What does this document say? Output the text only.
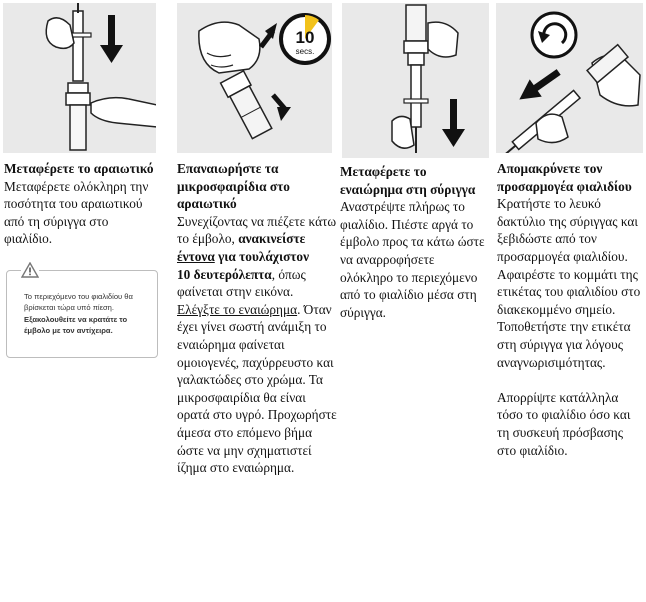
Μεταφέρετε το αραιωτικό

Μεταφέρετε ολόκληρη την ποσότητα του αραιωτικού από τη σύριγγα στο φιαλίδιο.

Το περιεχόμενο του φιαλιδίου θα βρίσκεται τώρα υπό πίεση.
Εξακολουθείτε να κρατάτε το έμβολο με τον αντίχειρα.
10
secs.

Επαναιωρήστε τα μικροσφαιρίδια στο αραιωτικό

Συνεχίζοντας να πιέζετε κάτω το έμβολο, ανακινείστε
έντονα για τουλάχιστον
10 δευτερόλεπτα, όπως φαίνεται στην εικόνα.

Ελέγξτε το εναιώρημα. Όταν έχει γίνει σωστή ανάμιξη το εναιώρημα φαίνεται ομοιογενές, παχύρρευστο και γαλακτώδες στο χρώμα. Τα μικροσφαιρίδια θα είναι ορατά στο υγρό. Προχωρήστε άμεσα στο επόμενο βήμα ώστε να μην σχηματιστεί ίζημα στο εναιώρημα.

Μεταφέρετε το εναιώρημα στη σύριγγα

Αναστρέψτε πλήρως το φιαλίδιο. Πιέστε αργά το έμβολο προς τα κάτω ώστε να αναρροφήσετε ολόκληρο το περιεχόμενο από το φιαλίδιο μέσα στη σύριγγα.

Απομακρύνετε τον προσαρμογέα φιαλιδίου

Κρατήστε το λευκό δακτύλιο της σύριγγας και ξεβιδώστε από τον προσαρμογέα φιαλιδίου.

Αφαιρέστε το κομμάτι της ετικέτας του φιαλιδίου στο διακεκομμένο σημείο. Τοποθετήστε την ετικέτα στη σύριγγα για λόγους αναγνωρισιμότητας.

Απορρίψτε κατάλληλα τόσο το φιαλίδιο όσο και τη συσκευή πρόσβασης στο φιαλίδιο.
